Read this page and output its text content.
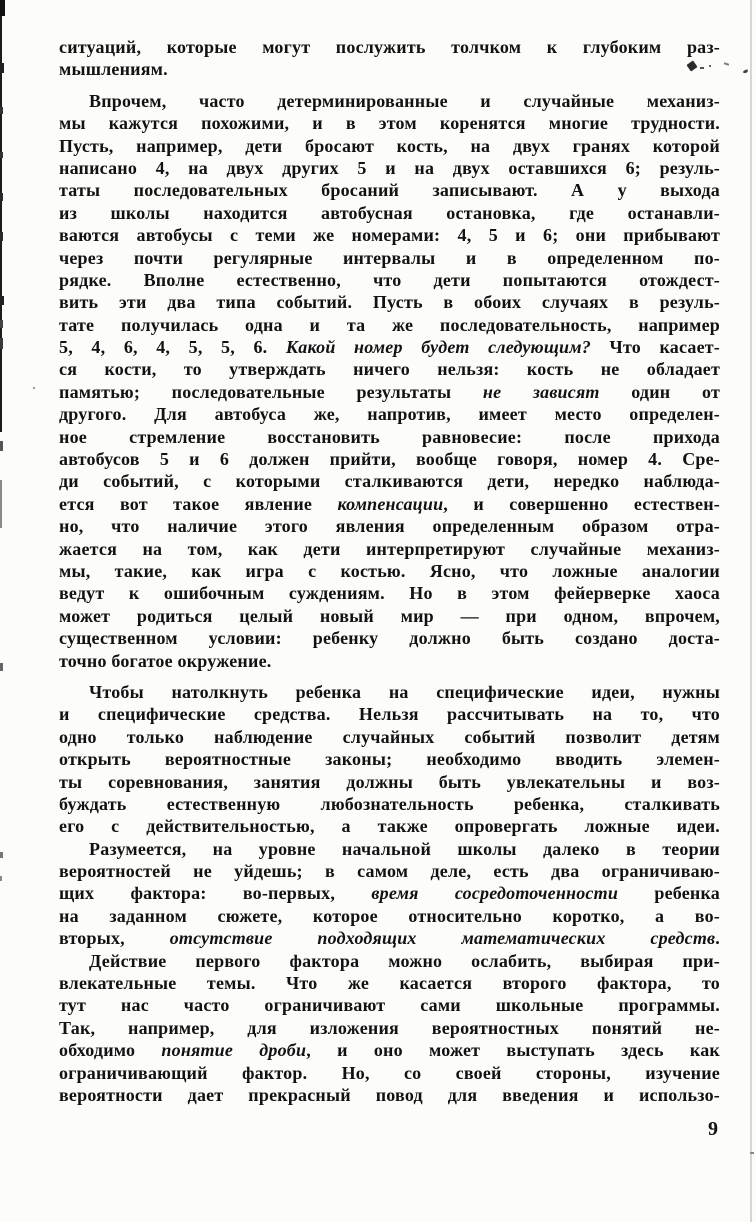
ситуаций, которые могут послужить толчком к глубоким раз-
мышлениям.
Впрочем, часто детерминированные и случайные механиз-
мы кажутся похожими, и в этом коренятся многие трудности.
Пусть, например, дети бросают кость, на двух гранях которой
написано 4, на двух других 5 и на двух оставшихся 6; резуль-
таты последовательных бросаний записывают. А у выхода
из школы находится автобусная остановка, где останавли-
ваются автобусы с теми же номерами: 4, 5 и 6; они прибывают
через почти регулярные интервалы и в определенном по-
рядке. Вполне естественно, что дети попытаются отождест-
вить эти два типа событий. Пусть в обоих случаях в резуль-
тате получилась одна и та же последовательность, например
5, 4, 6, 4, 5, 5, 6. Какой номер будет следующим? Что касает-
ся кости, то утверждать ничего нельзя: кость не обладает
памятью; последовательные результаты не зависят один от
другого. Для автобуса же, напротив, имеет место определен-
ное стремление восстановить равновесие: после прихода
автобусов 5 и 6 должен прийти, вообще говоря, номер 4. Сре-
ди событий, с которыми сталкиваются дети, нередко наблюда-
ется вот такое явление компенсации, и совершенно естествен-
но, что наличие этого явления определенным образом отра-
жается на том, как дети интерпретируют случайные механиз-
мы, такие, как игра с костью. Ясно, что ложные аналогии
ведут к ошибочным суждениям. Но в этом фейерверке хаоса
может родиться целый новый мир — при одном, впрочем,
существенном условии: ребенку должно быть создано доста-
точно богатое окружение.
Чтобы натолкнуть ребенка на специфические идеи, нужны
и специфические средства. Нельзя рассчитывать на то, что
одно только наблюдение случайных событий позволит детям
открыть вероятностные законы; необходимо вводить элемен-
ты соревнования, занятия должны быть увлекательны и воз-
буждать естественную любознательность ребенка, сталкивать
его с действительностью, а также опровергать ложные идеи.
Разумеется, на уровне начальной школы далеко в теории
вероятностей не уйдешь; в самом деле, есть два ограничиваю-
щих фактора: во-первых, время сосредоточенности ребенка
на заданном сюжете, которое относительно коротко, а во-
вторых, отсутствие подходящих математических средств.
Действие первого фактора можно ослабить, выбирая при-
влекательные темы. Что же касается второго фактора, то
тут нас часто ограничивают сами школьные программы.
Так, например, для изложения вероятностных понятий не-
обходимо понятие дроби, и оно может выступать здесь как
ограничивающий фактор. Но, со своей стороны, изучение
вероятности дает прекрасный повод для введения и использо-
9
